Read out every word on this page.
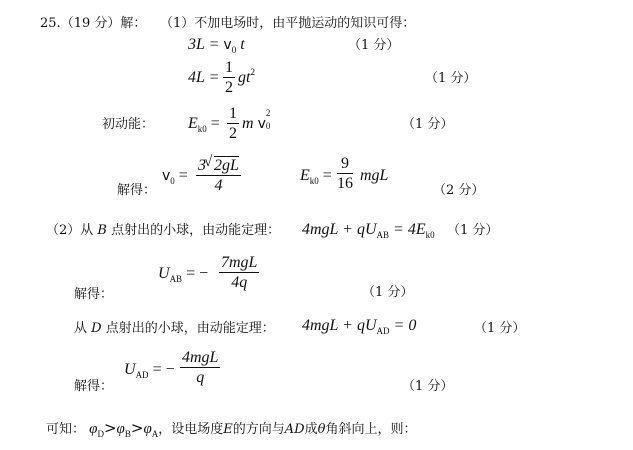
25.（19 分）解： （1）不加电场时，由平抛运动的知识可得：
$3L = v_0$ t	（1 分）
$4L = \frac{1}{2} gt^2$	（1 分）
初动能： $E_{k0} = \frac{1}{2}$ m v
2
0	（1 分）
$v_0 = \frac{3√ 2gL}{4}$	$E_{k0} = \frac{9}{16}$ mgL
解得：	（2 分）
（2）从 B 点射出的小球，由动能定理： $4mgL + qU_{AB} = 4E_{k0}$ （1 分）
$U_{AB}$ = −
7mgL
4q
解得：	（1 分）
从 D 点射出的小球，由动能定理： $4mgL + qU_{AD} = 0$	（1 分）
$U_{AD}$ = −
4mgL
q
解得：	（1 分）
可知： $\varphi_D>\varphi_B>\varphi_A$，设电场度E的方向与AD成θ角斜向上，则：
